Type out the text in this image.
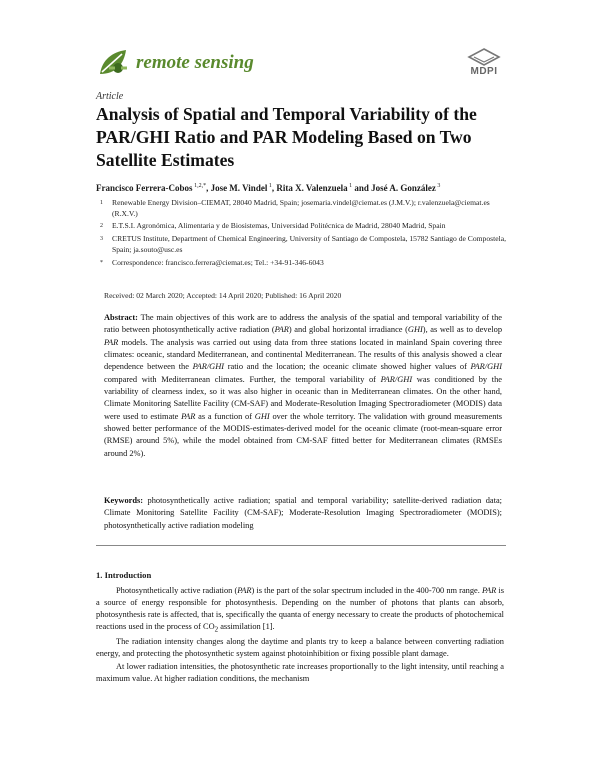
remote sensing	MDPI
Article
Analysis of Spatial and Temporal Variability of the PAR/GHI Ratio and PAR Modeling Based on Two Satellite Estimates
Francisco Ferrera-Cobos $^{1,2,*}$, Jose M. Vindel $^1$, Rita X. Valenzuela $^1$ and José A. González $^3$
1	Renewable Energy Division–CIEMAT, 28040 Madrid, Spain; josemaria.vindel@ciemat.es (J.M.V.); r.valenzuela@ciemat.es (R.X.V.)
2	E.T.S.I. Agronómica, Alimentaria y de Biosistemas, Universidad Politécnica de Madrid, 28040 Madrid, Spain
3	CRETUS Institute, Department of Chemical Engineering, University of Santiago de Compostela, 15782 Santiago de Compostela, Spain; ja.souto@usc.es
*	Correspondence: francisco.ferrera@ciemat.es; Tel.: +34-91-346-6043
Received: 02 March 2020; Accepted: 14 April 2020; Published: 16 April 2020
Abstract: The main objectives of this work are to address the analysis of the spatial and temporal variability of the ratio between photosynthetically active radiation (PAR) and global horizontal irradiance (GHI), as well as to develop PAR models. The analysis was carried out using data from three stations located in mainland Spain covering three climates: oceanic, standard Mediterranean, and continental Mediterranean. The results of this analysis showed a clear dependence between the PAR/GHI ratio and the location; the oceanic climate showed higher values of PAR/GHI compared with Mediterranean climates. Further, the temporal variability of PAR/GHI was conditioned by the variability of clearness index, so it was also higher in oceanic than in Mediterranean climates. On the other hand, Climate Monitoring Satellite Facility (CM-SAF) and Moderate-Resolution Imaging Spectroradiometer (MODIS) data were used to estimate PAR as a function of GHI over the whole territory. The validation with ground measurements showed better performance of the MODIS-estimates-derived model for the oceanic climate (root-mean-square error (RMSE) around 5%), while the model obtained from CM-SAF fitted better for Mediterranean climates (RMSEs around 2%).
Keywords: photosynthetically active radiation; spatial and temporal variability; satellite-derived radiation data; Climate Monitoring Satellite Facility (CM-SAF); Moderate-Resolution Imaging Spectroradiometer (MODIS); photosynthetically active radiation modeling
1. Introduction

Photosynthetically active radiation (PAR) is the part of the solar spectrum included in the 400-700 nm range. PAR is a source of energy responsible for photosynthesis. Depending on the number of photons that plants can absorb, photosynthesis rate is affected, that is, specifically the quanta of energy necessary to create the products of photochemical reactions used in the process of $CO_2$ assimilation [1].

The radiation intensity changes along the daytime and plants try to keep a balance between converting radiation energy, and protecting the photosynthetic system against photoinhibition or fixing possible plant damage.

At lower radiation intensities, the photosynthetic rate increases proportionally to the light intensity, until reaching a maximum value. At higher radiation conditions, the mechanism
